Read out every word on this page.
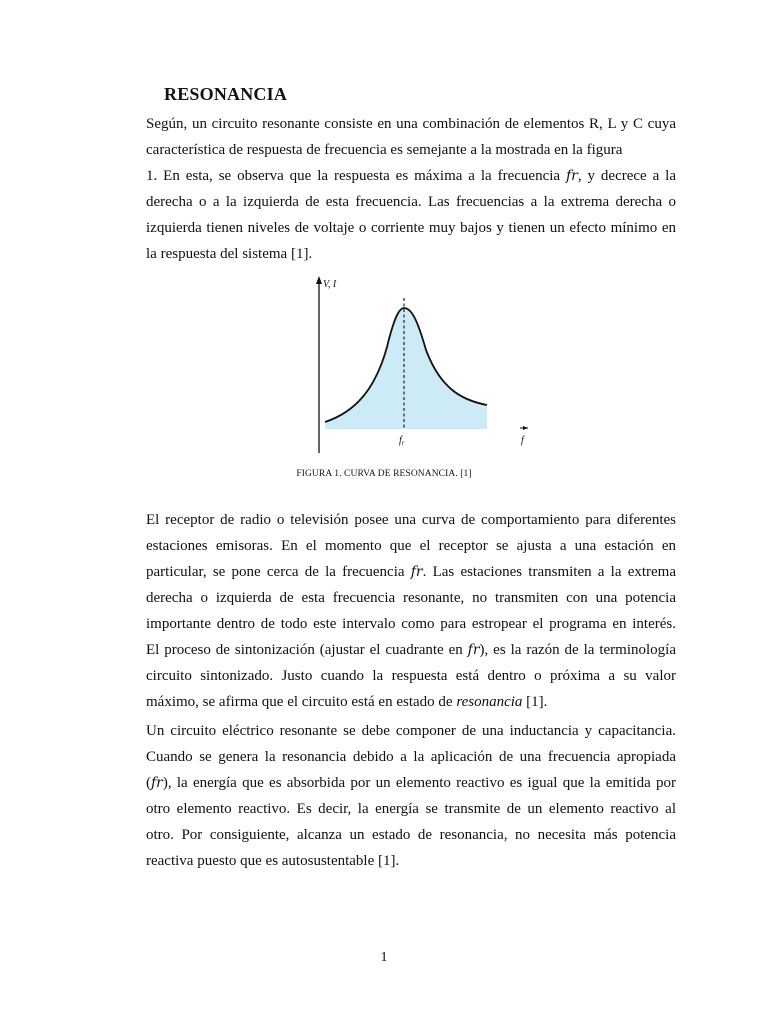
RESONANCIA
Según, un circuito resonante consiste en una combinación de elementos R, L y C cuya
característica de respuesta de frecuencia es semejante a la mostrada en la figura
1. En esta, se observa que la respuesta es máxima a la frecuencia fr, y decrece a la
derecha o a la izquierda de esta frecuencia. Las frecuencias a la extrema derecha o
izquierda tienen niveles de voltaje o corriente muy bajos y tienen un efecto mínimo en
la respuesta del sistema [1].
V, I
$f_r$	f
FIGURA 1. CURVA DE RESONANCIA. [1]
El receptor de radio o televisión posee una curva de comportamiento para diferentes
estaciones emisoras. En el momento que el receptor se ajusta a una estación en
particular, se pone cerca de la frecuencia fr. Las estaciones transmiten a la extrema
derecha o izquierda de esta frecuencia resonante, no transmiten con una potencia
importante dentro de todo este intervalo como para estropear el programa en interés.
El proceso de sintonización (ajustar el cuadrante en fr), es la razón de la terminología
circuito sintonizado. Justo cuando la respuesta está dentro o próxima a su valor
máximo, se afirma que el circuito está en estado de resonancia [1].
Un circuito eléctrico resonante se debe componer de una inductancia y capacitancia.
Cuando se genera la resonancia debido a la aplicación de una frecuencia apropiada
(fr), la energía que es absorbida por un elemento reactivo es igual que la emitida por
otro elemento reactivo. Es decir, la energía se transmite de un elemento reactivo al
otro. Por consiguiente, alcanza un estado de resonancia, no necesita más potencia
reactiva puesto que es autosustentable [1].
1
